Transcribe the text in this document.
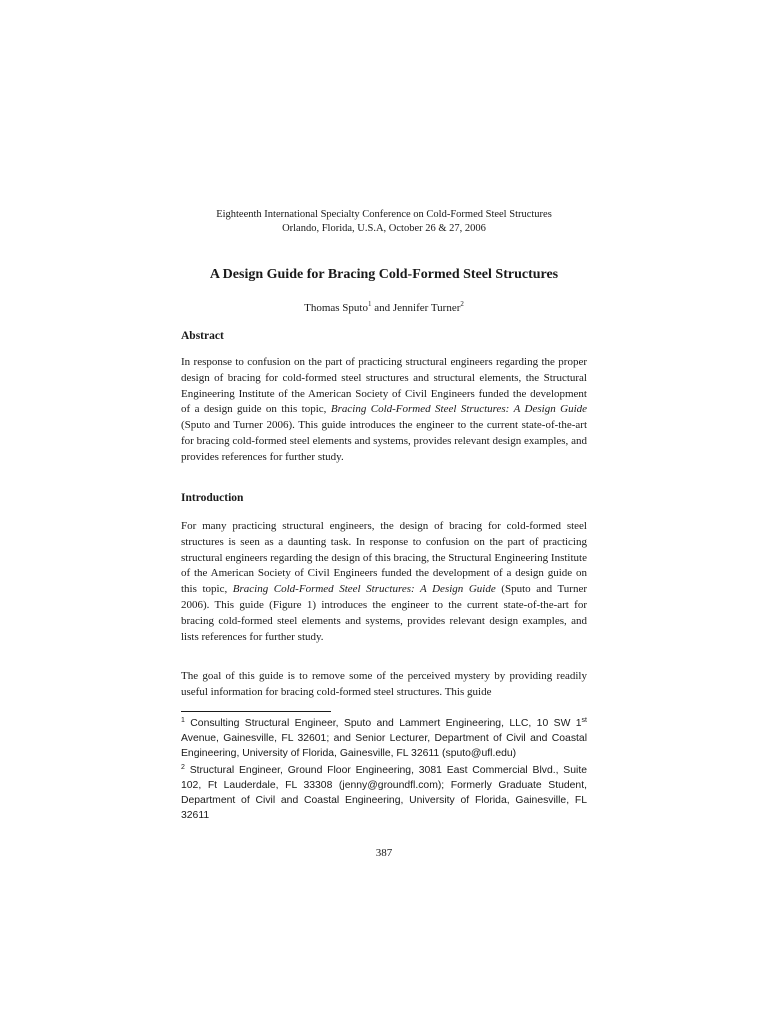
Eighteenth International Specialty Conference on Cold-Formed Steel Structures
Orlando, Florida, U.S.A, October 26 & 27, 2006
A Design Guide for Bracing Cold-Formed Steel Structures
Thomas Sputo$^1$ and Jennifer Turner$^2$
Abstract

In response to confusion on the part of practicing structural engineers regarding the proper design of bracing for cold-formed steel structures and structural elements, the Structural Engineering Institute of the American Society of Civil Engineers funded the development of a design guide on this topic, Bracing Cold-Formed Steel Structures: A Design Guide (Sputo and Turner 2006). This guide introduces the engineer to the current state-of-the-art for bracing cold-formed steel elements and systems, provides relevant design examples, and provides references for further study.

Introduction

For many practicing structural engineers, the design of bracing for cold-formed steel structures is seen as a daunting task. In response to confusion on the part of practicing structural engineers regarding the design of this bracing, the Structural Engineering Institute of the American Society of Civil Engineers funded the development of a design guide on this topic, Bracing Cold-Formed Steel Structures: A Design Guide (Sputo and Turner 2006). This guide (Figure 1) introduces the engineer to the current state-of-the-art for bracing cold-formed steel elements and systems, provides relevant design examples, and lists references for further study.

The goal of this guide is to remove some of the perceived mystery by providing readily useful information for bracing cold-formed steel structures. This guide

$^1$ Consulting Structural Engineer, Sputo and Lammert Engineering, LLC, 10 SW 1st Avenue, Gainesville, FL 32601; and Senior Lecturer, Department of Civil and Coastal Engineering, University of Florida, Gainesville, FL 32611 (sputo@ufl.edu)

$^2$ Structural Engineer, Ground Floor Engineering, 3081 East Commercial Blvd., Suite 102, Ft Lauderdale, FL 33308 (jenny@groundfl.com); Formerly Graduate Student, Department of Civil and Coastal Engineering, University of Florida, Gainesville, FL 32611

387
